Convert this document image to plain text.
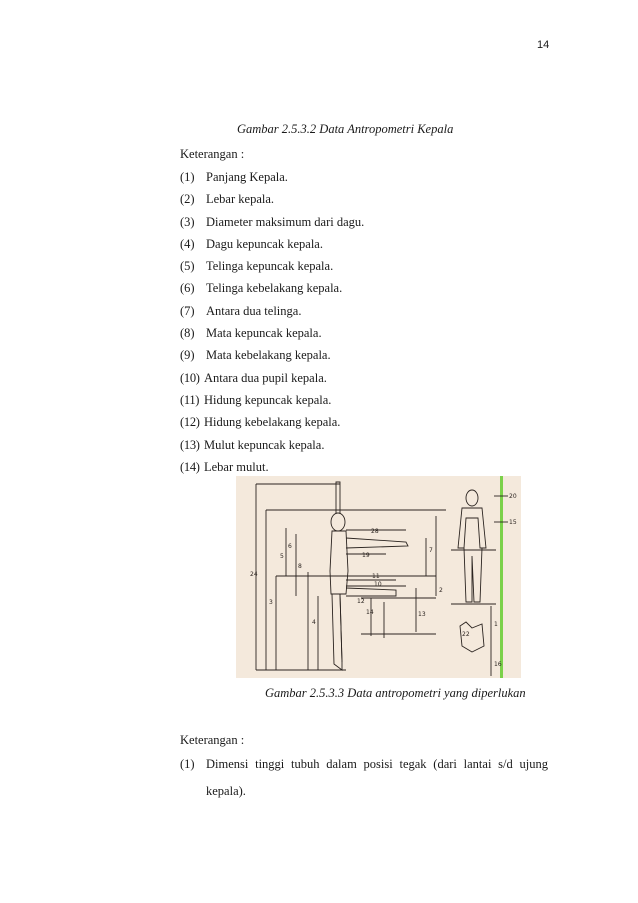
14
Gambar 2.5.3.2 Data Antropometri Kepala
Keterangan :
(1) Panjang Kepala.
(2) Lebar kepala.
(3) Diameter maksimum dari dagu.
(4) Dagu kepuncak kepala.
(5) Telinga kepuncak kepala.
(6) Telinga kebelakang kepala.
(7) Antara dua telinga.
(8) Mata kepuncak kepala.
(9) Mata kebelakang kepala.
(10) Antara dua pupil kepala.
(11) Hidung kepuncak kepala.
(12) Hidung kebelakang kepala.
(13) Mulut kepuncak kepala.
(14) Lebar mulut.
20
28
19
15
6
7
8
5
24
3
2
11
10
12
14
4
13
22
1
16
Gambar 2.5.3.3 Data antropometri yang diperlukan
Keterangan :
(1) Dimensi tinggi tubuh dalam posisi tegak (dari lantai s/d ujung
kepala).
